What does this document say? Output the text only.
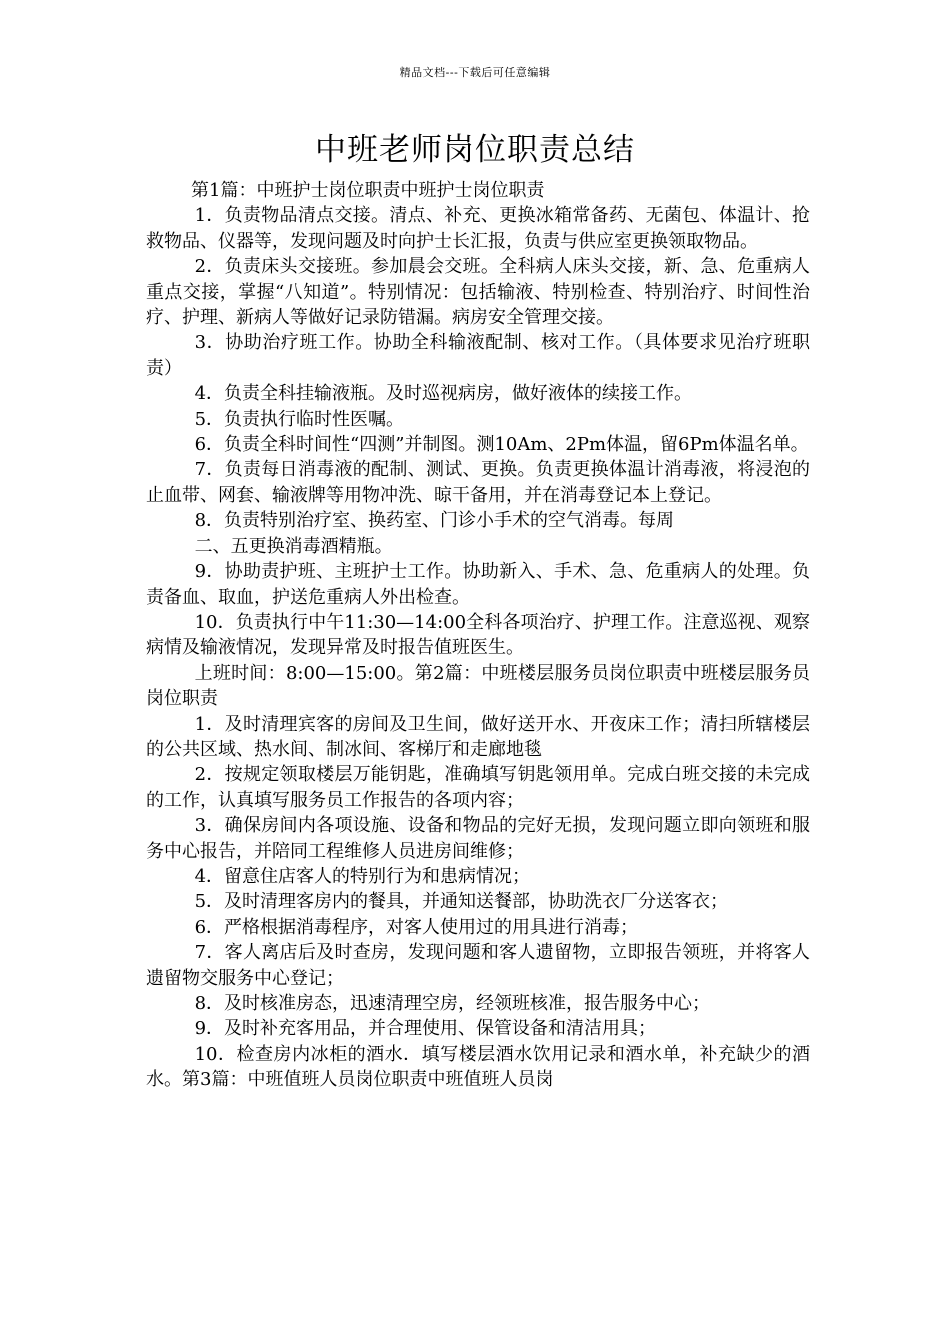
精品文档---下载后可任意编辑
中班老师岗位职责总结

第1篇：中班护士岗位职责中班护士岗位职责

1．负责物品清点交接。清点、补充、更换冰箱常备药、无菌包、体温计、抢救物品、仪器等，发现问题及时向护士长汇报，负责与供应室更换领取物品。

2．负责床头交接班。参加晨会交班。全科病人床头交接，新、急、危重病人重点交接，掌握“八知道”。特别情况：包括输液、特别检查、特别治疗、时间性治疗、护理、新病人等做好记录防错漏。病房安全管理交接。

3．协助治疗班工作。协助全科输液配制、核对工作。（具体要求见治疗班职责）

4．负责全科挂输液瓶。及时巡视病房，做好液体的续接工作。

5．负责执行临时性医嘱。

6．负责全科时间性“四测”并制图。测10Am、2Pm体温，留6Pm体温名单。

7．负责每日消毒液的配制、测试、更换。负责更换体温计消毒液，将浸泡的止血带、网套、输液牌等用物冲洗、晾干备用，并在消毒登记本上登记。

8．负责特别治疗室、换药室、门诊小手术的空气消毒。每周

二、五更换消毒酒精瓶。

9．协助责护班、主班护士工作。协助新入、手术、急、危重病人的处理。负责备血、取血，护送危重病人外出检查。

10．负责执行中午11:30—14:00全科各项治疗、护理工作。注意巡视、观察病情及输液情况，发现异常及时报告值班医生。

上班时间：8:00—15:00。第2篇：中班楼层服务员岗位职责中班楼层服务员岗位职责

1．及时清理宾客的房间及卫生间，做好送开水、开夜床工作；清扫所辖楼层的公共区域、热水间、制冰间、客梯厅和走廊地毯

2．按规定领取楼层万能钥匙，准确填写钥匙领用单。完成白班交接的未完成的工作，认真填写服务员工作报告的各项内容；

3．确保房间内各项设施、设备和物品的完好无损，发现问题立即向领班和服务中心报告，并陪同工程维修人员进房间维修；

4．留意住店客人的特别行为和患病情况；

5．及时清理客房内的餐具，并通知送餐部，协助洗衣厂分送客衣；

6．严格根据消毒程序，对客人使用过的用具进行消毒；

7．客人离店后及时查房，发现问题和客人遗留物，立即报告领班，并将客人遗留物交服务中心登记；

8．及时核准房态，迅速清理空房，经领班核准，报告服务中心；

9．及时补充客用品，并合理使用、保管设备和清洁用具；

10．检查房内冰柜的酒水．填写楼层酒水饮用记录和酒水单，补充缺少的酒水。第3篇：中班值班人员岗位职责中班值班人员岗
